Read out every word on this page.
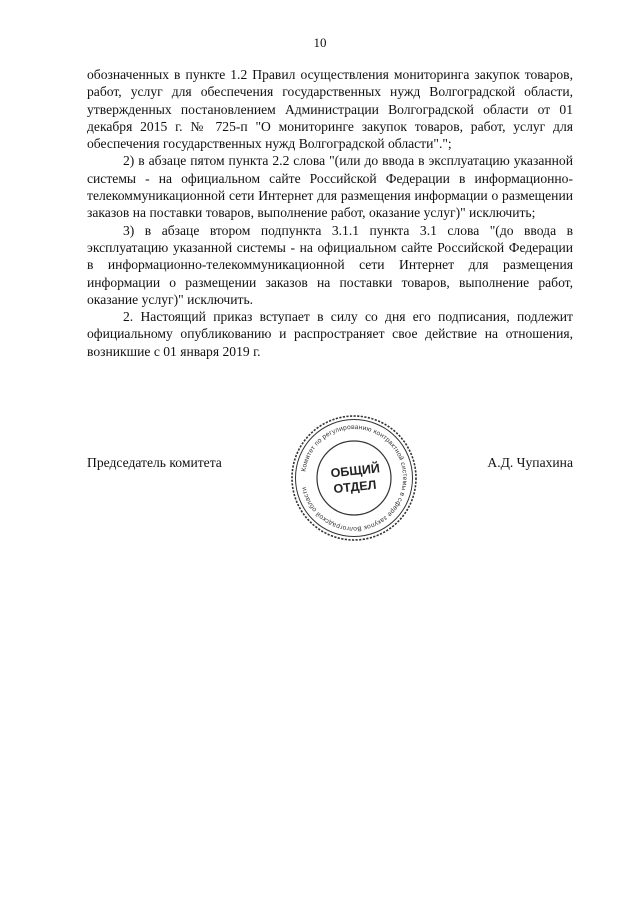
10

обозначенных в пункте 1.2 Правил осуществления мониторинга закупок товаров, работ, услуг для обеспечения государственных нужд Волгоградской области, утвержденных постановлением Администрации Волгоградской области от 01 декабря 2015 г. № 725-п "О мониторинге закупок товаров, работ, услуг для обеспечения государственных нужд Волгоградской области".";

2) в абзаце пятом пункта 2.2 слова "(или до ввода в эксплуатацию указанной системы - на официальном сайте Российской Федерации в информационно-телекоммуникационной сети Интернет для размещения информации о размещении заказов на поставки товаров, выполнение работ, оказание услуг)" исключить;

3) в абзаце втором подпункта 3.1.1 пункта 3.1 слова "(до ввода в эксплуатацию указанной системы - на официальном сайте Российской Федерации в информационно-телекоммуникационной сети Интернет для размещения информации о размещении заказов на поставки товаров, выполнение работ, оказание услуг)" исключить.

2. Настоящий приказ вступает в силу со дня его подписания, подлежит официальному опубликованию и распространяет свое действие на отношения, возникшие с 01 января 2019 г.

Председатель комитета	А.Д. Чупахина
Комитет по регулированию контрактной системы в сфере закупок Волгоградской области
ОБЩИЙ
ОТДЕЛ
